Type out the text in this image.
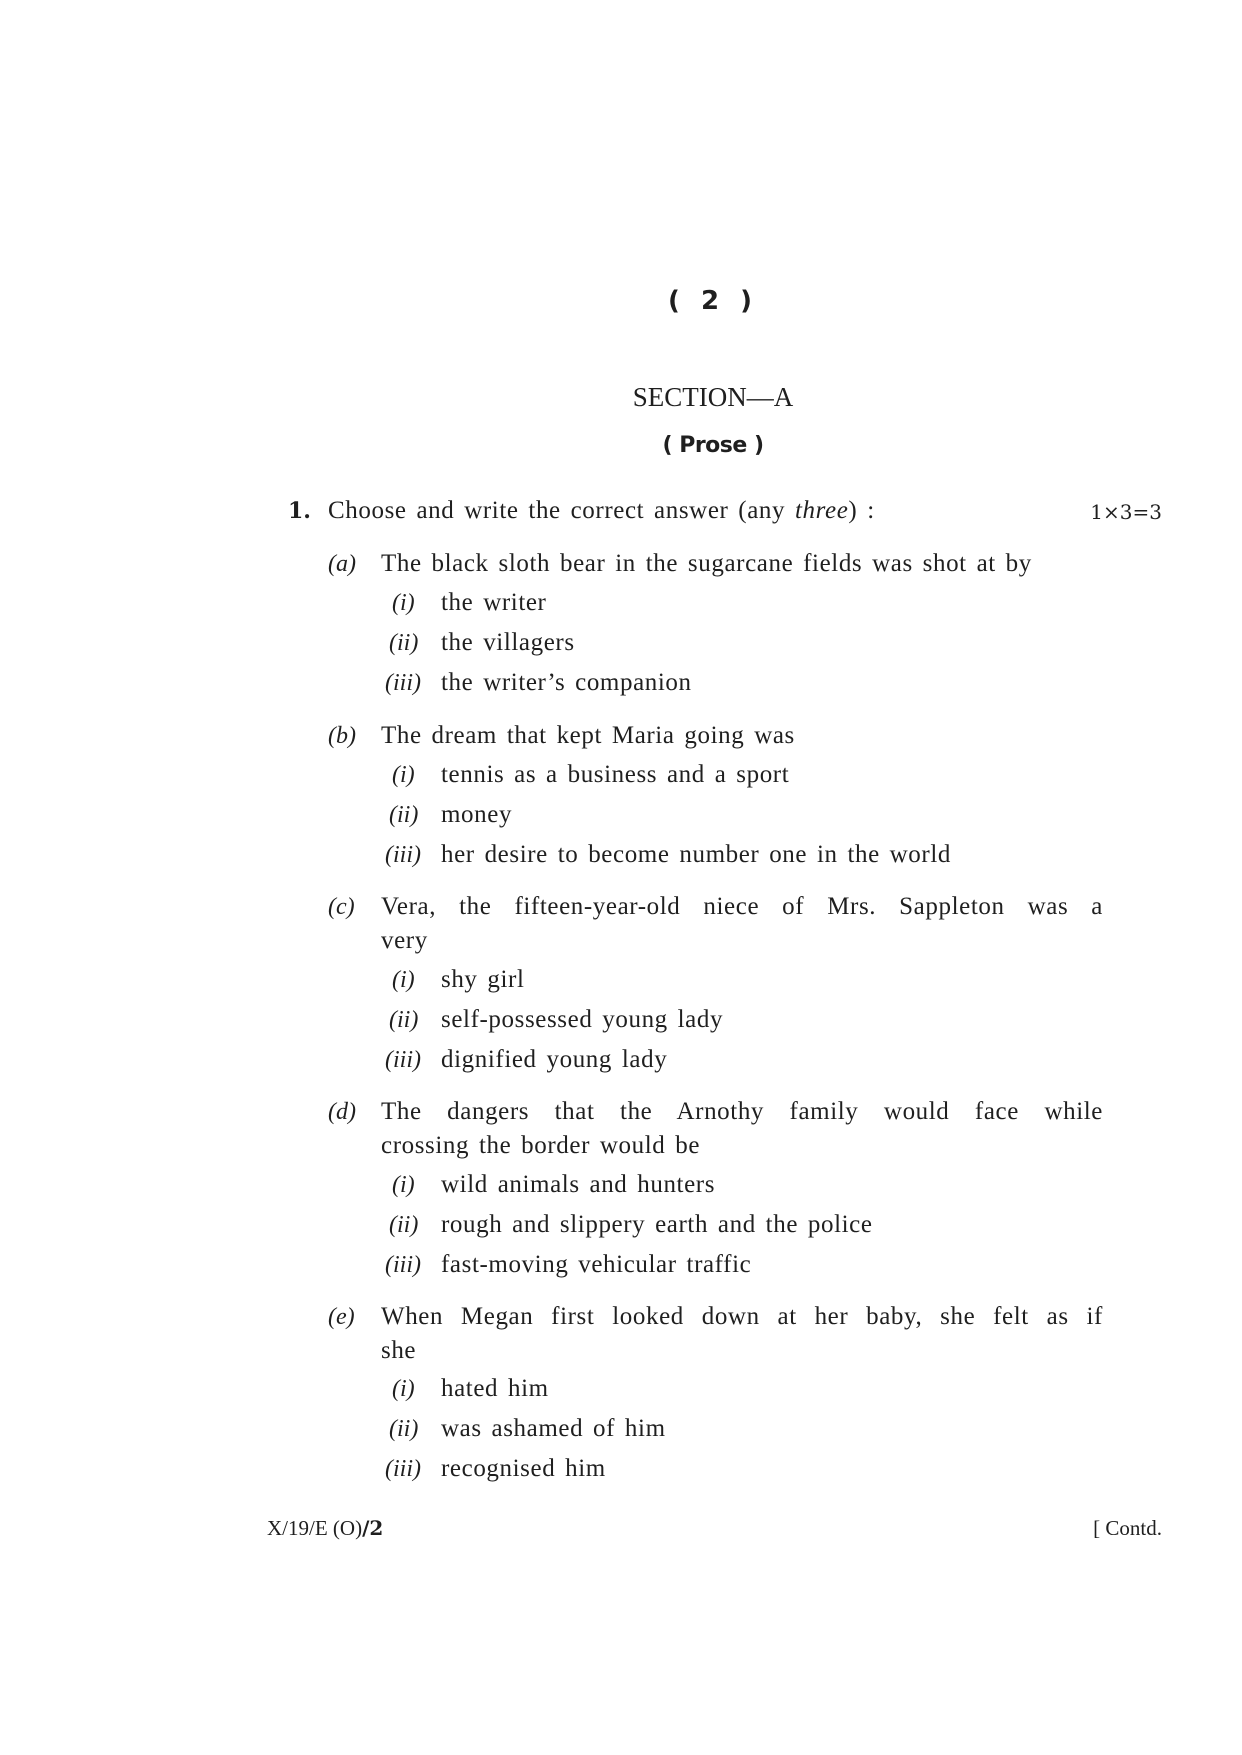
( 2 )
SECTION—A
( Prose )
1. Choose and write the correct answer (any three) :	1×3=3
(a) The black sloth bear in the sugarcane fields was shot at by
(i) the writer
(ii) the villagers
(iii) the writer’s companion
(b) The dream that kept Maria going was
(i) tennis as a business and a sport
(ii) money
(iii) her desire to become number one in the world
(c) Vera, the fifteen-year-old niece of Mrs. Sappleton was a
very
(i) shy girl
(ii) self-possessed young lady
(iii) dignified young lady
(d) The dangers that the Arnothy family would face while
crossing the border would be
(i) wild animals and hunters
(ii) rough and slippery earth and the police
(iii) fast-moving vehicular traffic
(e) When Megan first looked down at her baby, she felt as if
she
(i) hated him
(ii) was ashamed of him
(iii) recognised him
X/19/E (O)/2	[ Contd.
